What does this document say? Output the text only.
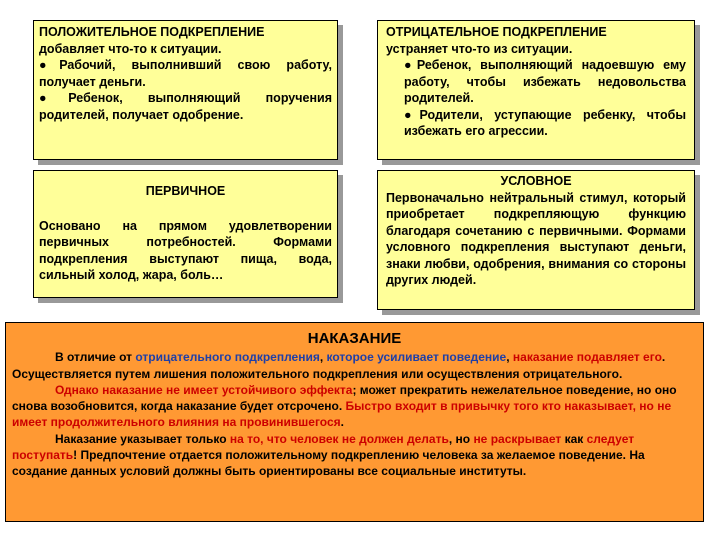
ПОЛОЖИТЕЛЬНОЕ ПОДКРЕПЛЕНИЕ

добавляет что-то к ситуации.

●Рабочий, выполнивший свою работу, получает деньги.

●Ребенок, выполняющий поручения родителей, получает одобрение.

ОТРИЦАТЕЛЬНОЕ ПОДКРЕПЛЕНИЕ

устраняет что-то из ситуации.

●Ребенок, выполняющий надоевшую ему работу, чтобы избежать недовольства родителей.

●Родители, уступающие ребенку, чтобы избежать его агрессии.

ПЕРВИЧНОЕ

Основано на прямом удовлетворении первичных потребностей. Формами подкрепления выступают пища, вода, сильный холод, жара, боль…

УСЛОВНОЕ

Первоначально нейтральный стимул, который приобретает подкрепляющую функцию благодаря сочетанию с первичными. Формами условного подкрепления выступают деньги, знаки любви, одобрения, внимания со стороны других людей.

НАКАЗАНИЕ

В отличие от отрицательного подкрепления, которое усиливает поведение, наказание подавляет его. Осуществляется путем лишения положительного подкрепления или осуществления отрицательного.

Однако наказание не имеет устойчивого эффекта; может прекратить нежелательное поведение, но оно снова возобновится, когда наказание будет отсрочено. Быстро входит в привычку того кто наказывает, но не имеет продолжительного влияния на провинившегося.

Наказание указывает только на то, что человек не должен делать, но не раскрывает как следует поступать! Предпочтение отдается положительному подкреплению человека за желаемое поведение. На создание данных условий должны быть ориентированы все социальные институты.
